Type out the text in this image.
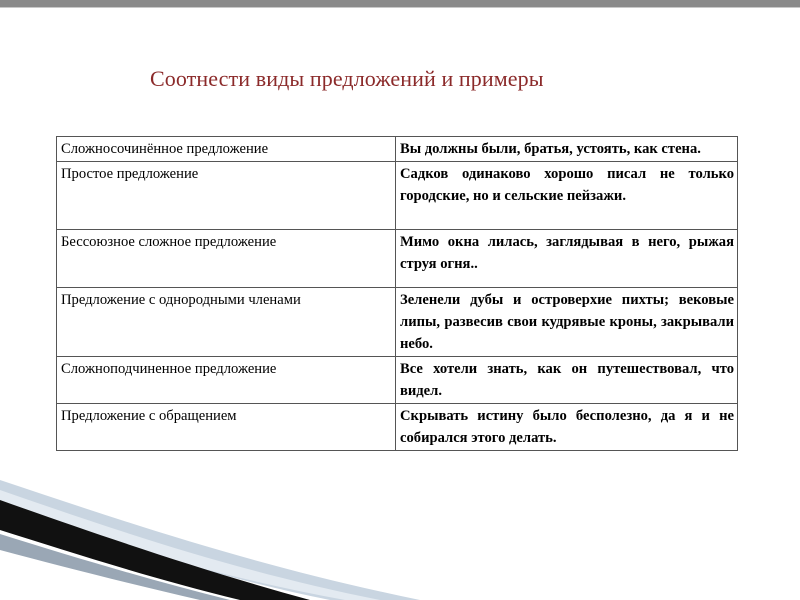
Соотнести виды предложений и примеры
Сложносочинённое предложение	Вы должны были, братья, устоять, как стена.
Простое предложение	Садков одинаково хорошо писал не только городские, но и сельские пейзажи.
Бессоюзное сложное предложение	Мимо окна лилась, заглядывая в него, рыжая струя огня..
Предложение с однородными членами	Зеленели дубы и островерхие пихты; вековые липы, развесив свои кудрявые кроны, закрывали небо.
Сложноподчиненное предложение	Все хотели знать, как он путешествовал, что видел.
Предложение с обращением	Скрывать истину было бесполезно, да я и не собирался этого делать.
